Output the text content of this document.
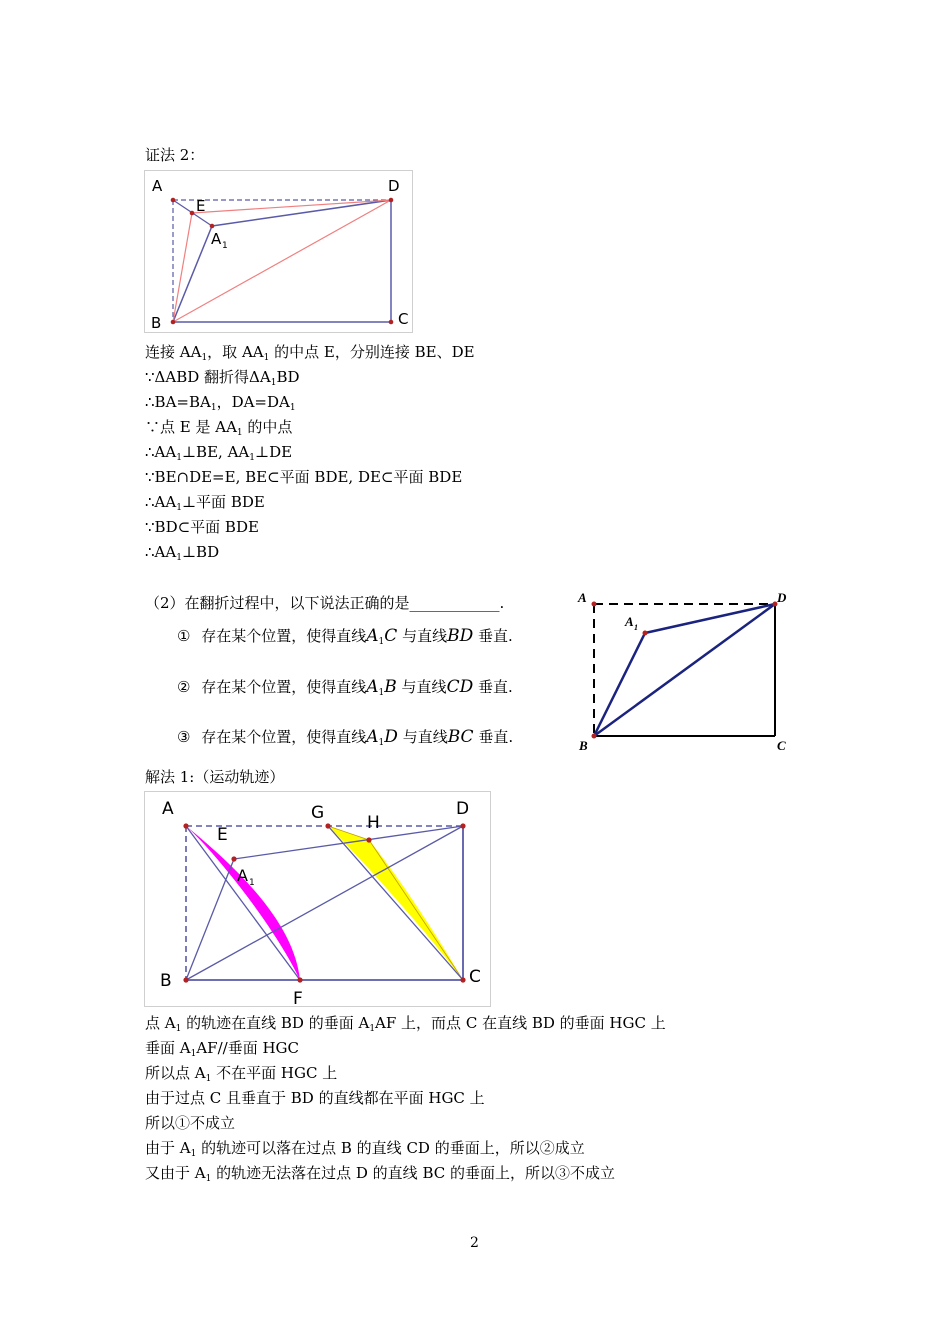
证法 2：
A	D
E
A 1
B	C
连接 $AA_1$，取 $AA_1$ 的中点 E，分别连接 BE、DE
∵ΔABD 翻折得$\Delta A_1BD$
$\therefore BA=BA_1$，$DA=DA_1$
∵点 E 是 $AA_1$ 的中点
$\therefore AA_1\perp BE$, $AA_1\perp DE$
∵BE∩DE=E, BE⊂平面 BDE, DE⊂平面 BDE
$\therefore AA_1\perp$平面 BDE
∵BD⊂平面 BDE
$\therefore AA_1\perp BD$
（2）在翻折过程中，以下说法正确的是____________.
① 存在某个位置，使得直线$A_1C$ 与直线BD 垂直.
② 存在某个位置，使得直线$A_1B$ 与直线CD 垂直.
③ 存在某个位置，使得直线$A_1D$ 与直线BC 垂直.
A	D
A 1
B	C
解法 1:（运动轨迹）
A
E
G	H
D
A 1
B
F
C
点 $A_1$ 的轨迹在直线 BD 的垂面 $A_1AF$ 上，而点 C 在直线 BD 的垂面 HGC 上
垂面 $A_1AF//$垂面 HGC
所以点 $A_1$ 不在平面 HGC 上
由于过点 C 且垂直于 BD 的直线都在平面 HGC 上
所以①不成立
由于 $A_1$ 的轨迹可以落在过点 B 的直线 CD 的垂面上，所以②成立
又由于 $A_1$ 的轨迹无法落在过点 D 的直线 BC 的垂面上，所以③不成立
2
